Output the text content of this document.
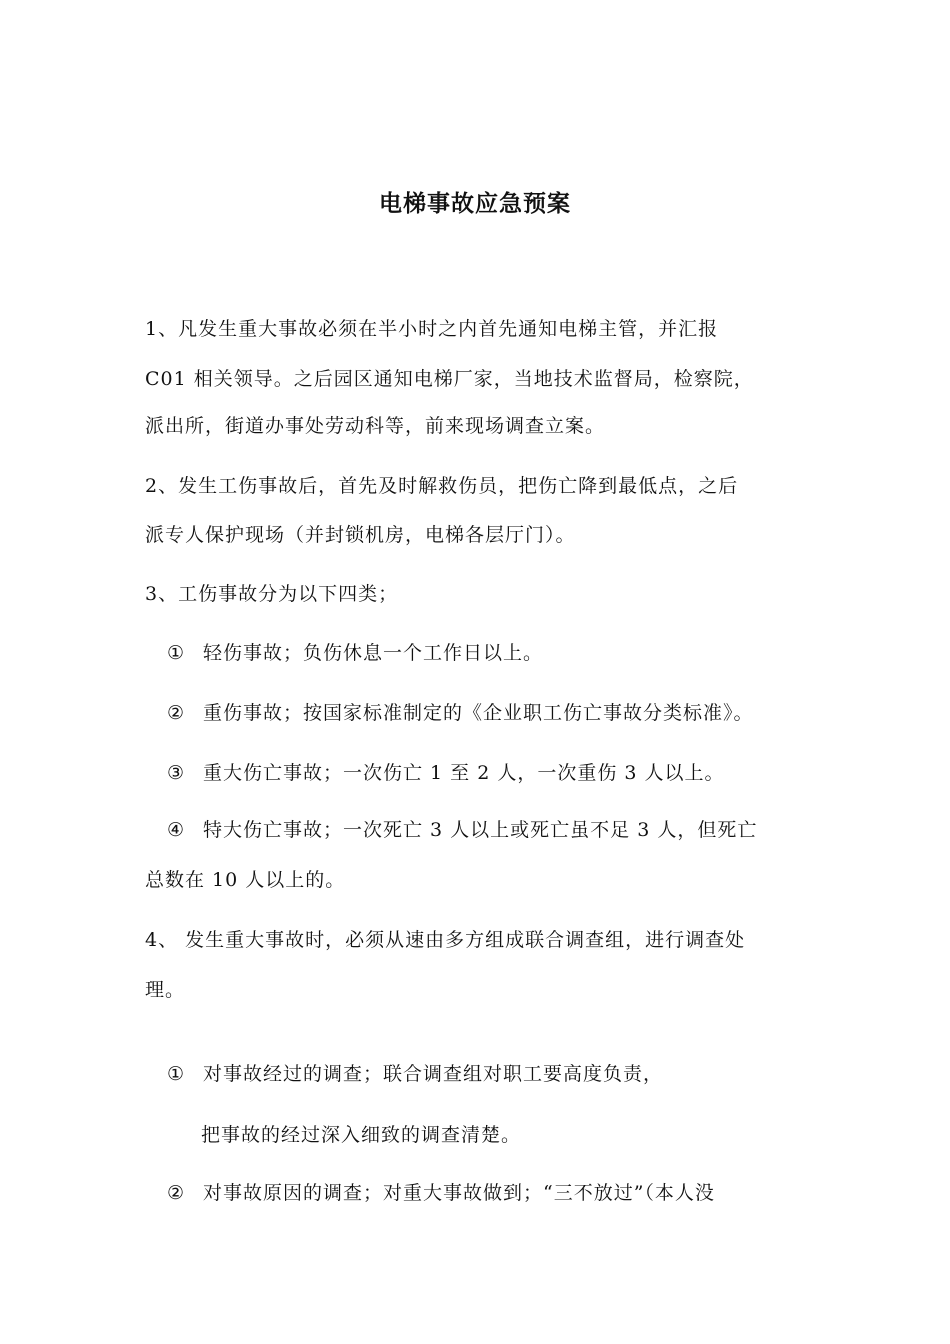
电梯事故应急预案
1、凡发生重大事故必须在半小时之内首先通知电梯主管，并汇报
C01 相关领导。之后园区通知电梯厂家，当地技术监督局，检察院，
派出所，街道办事处劳动科等，前来现场调查立案。
2、发生工伤事故后，首先及时解救伤员，把伤亡降到最低点，之后
派专人保护现场（并封锁机房，电梯各层厅门）。
3、工伤事故分为以下四类；
① 轻伤事故；负伤休息一个工作日以上。
② 重伤事故；按国家标准制定的《企业职工伤亡事故分类标准》。
③ 重大伤亡事故；一次伤亡 1 至 2 人，一次重伤 3 人以上。
④ 特大伤亡事故；一次死亡 3 人以上或死亡虽不足 3 人，但死亡
总数在 10 人以上的。
4、 发生重大事故时，必须从速由多方组成联合调查组，进行调查处
理。
① 对事故经过的调查；联合调查组对职工要高度负责，
把事故的经过深入细致的调查清楚。
② 对事故原因的调查；对重大事故做到；“三不放过”（本人没
